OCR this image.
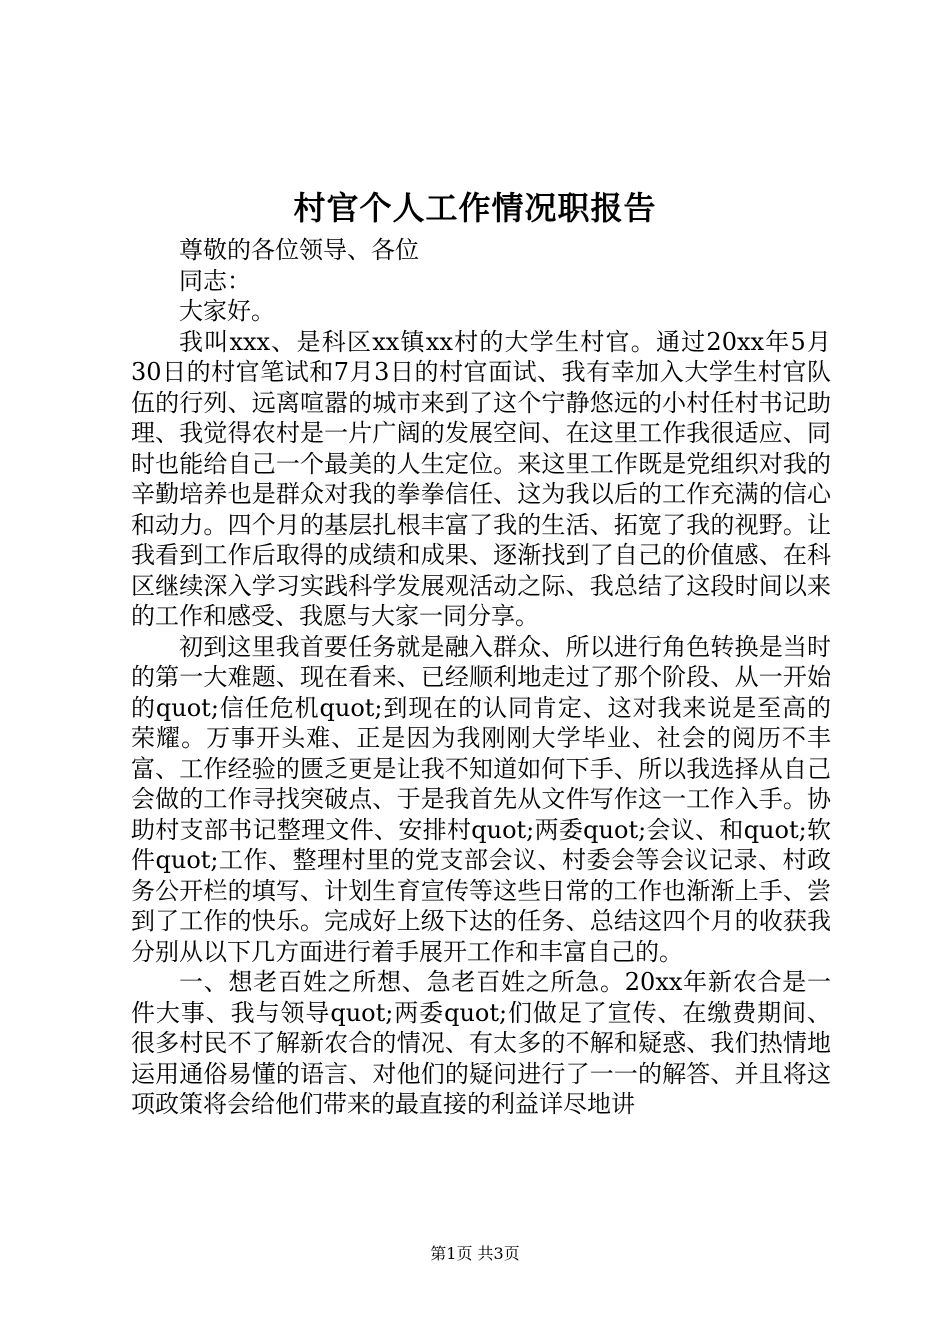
村官个人工作情况职报告

尊敬的各位领导、各位

同志：

大家好。

我叫xxx、是科区xx镇xx村的大学生村官。通过20xx年5月30日的村官笔试和7月3日的村官面试、我有幸加入大学生村官队伍的行列、远离喧嚣的城市来到了这个宁静悠远的小村任村书记助理、我觉得农村是一片广阔的发展空间、在这里工作我很适应、同时也能给自己一个最美的人生定位。来这里工作既是党组织对我的辛勤培养也是群众对我的拳拳信任、这为我以后的工作充满的信心和动力。四个月的基层扎根丰富了我的生活、拓宽了我的视野。让我看到工作后取得的成绩和成果、逐渐找到了自己的价值感、在科区继续深入学习实践科学发展观活动之际、我总结了这段时间以来的工作和感受、我愿与大家一同分享。

初到这里我首要任务就是融入群众、所以进行角色转换是当时的第一大难题、现在看来、已经顺利地走过了那个阶段、从一开始的quot;信任危机quot;到现在的认同肯定、这对我来说是至高的荣耀。万事开头难、正是因为我刚刚大学毕业、社会的阅历不丰富、工作经验的匮乏更是让我不知道如何下手、所以我选择从自己会做的工作寻找突破点、于是我首先从文件写作这一工作入手。协助村支部书记整理文件、安排村quot;两委quot;会议、和quot;软件quot;工作、整理村里的党支部会议、村委会等会议记录、村政务公开栏的填写、计划生育宣传等这些日常的工作也渐渐上手、尝到了工作的快乐。完成好上级下达的任务、总结这四个月的收获我分别从以下几方面进行着手展开工作和丰富自己的。

一、想老百姓之所想、急老百姓之所急。20xx年新农合是一件大事、我与领导quot;两委quot;们做足了宣传、在缴费期间、很多村民不了解新农合的情况、有太多的不解和疑惑、我们热情地运用通俗易懂的语言、对他们的疑问进行了一一的解答、并且将这项政策将会给他们带来的最直接的利益详尽地讲

第1页 共3页
